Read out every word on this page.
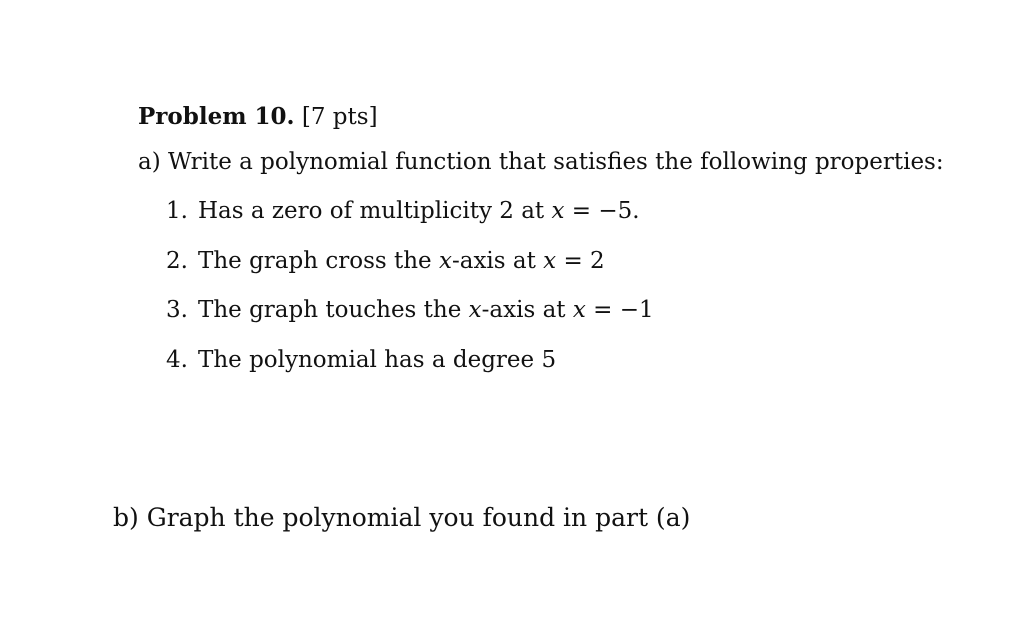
Problem 10. [7 pts]
a) Write a polynomial function that satisfies the following properties:
1. Has a zero of multiplicity 2 at x = −5.
2. The graph cross the x-axis at x = 2
3. The graph touches the x-axis at x = −1
4. The polynomial has a degree 5
b) Graph the polynomial you found in part (a)
